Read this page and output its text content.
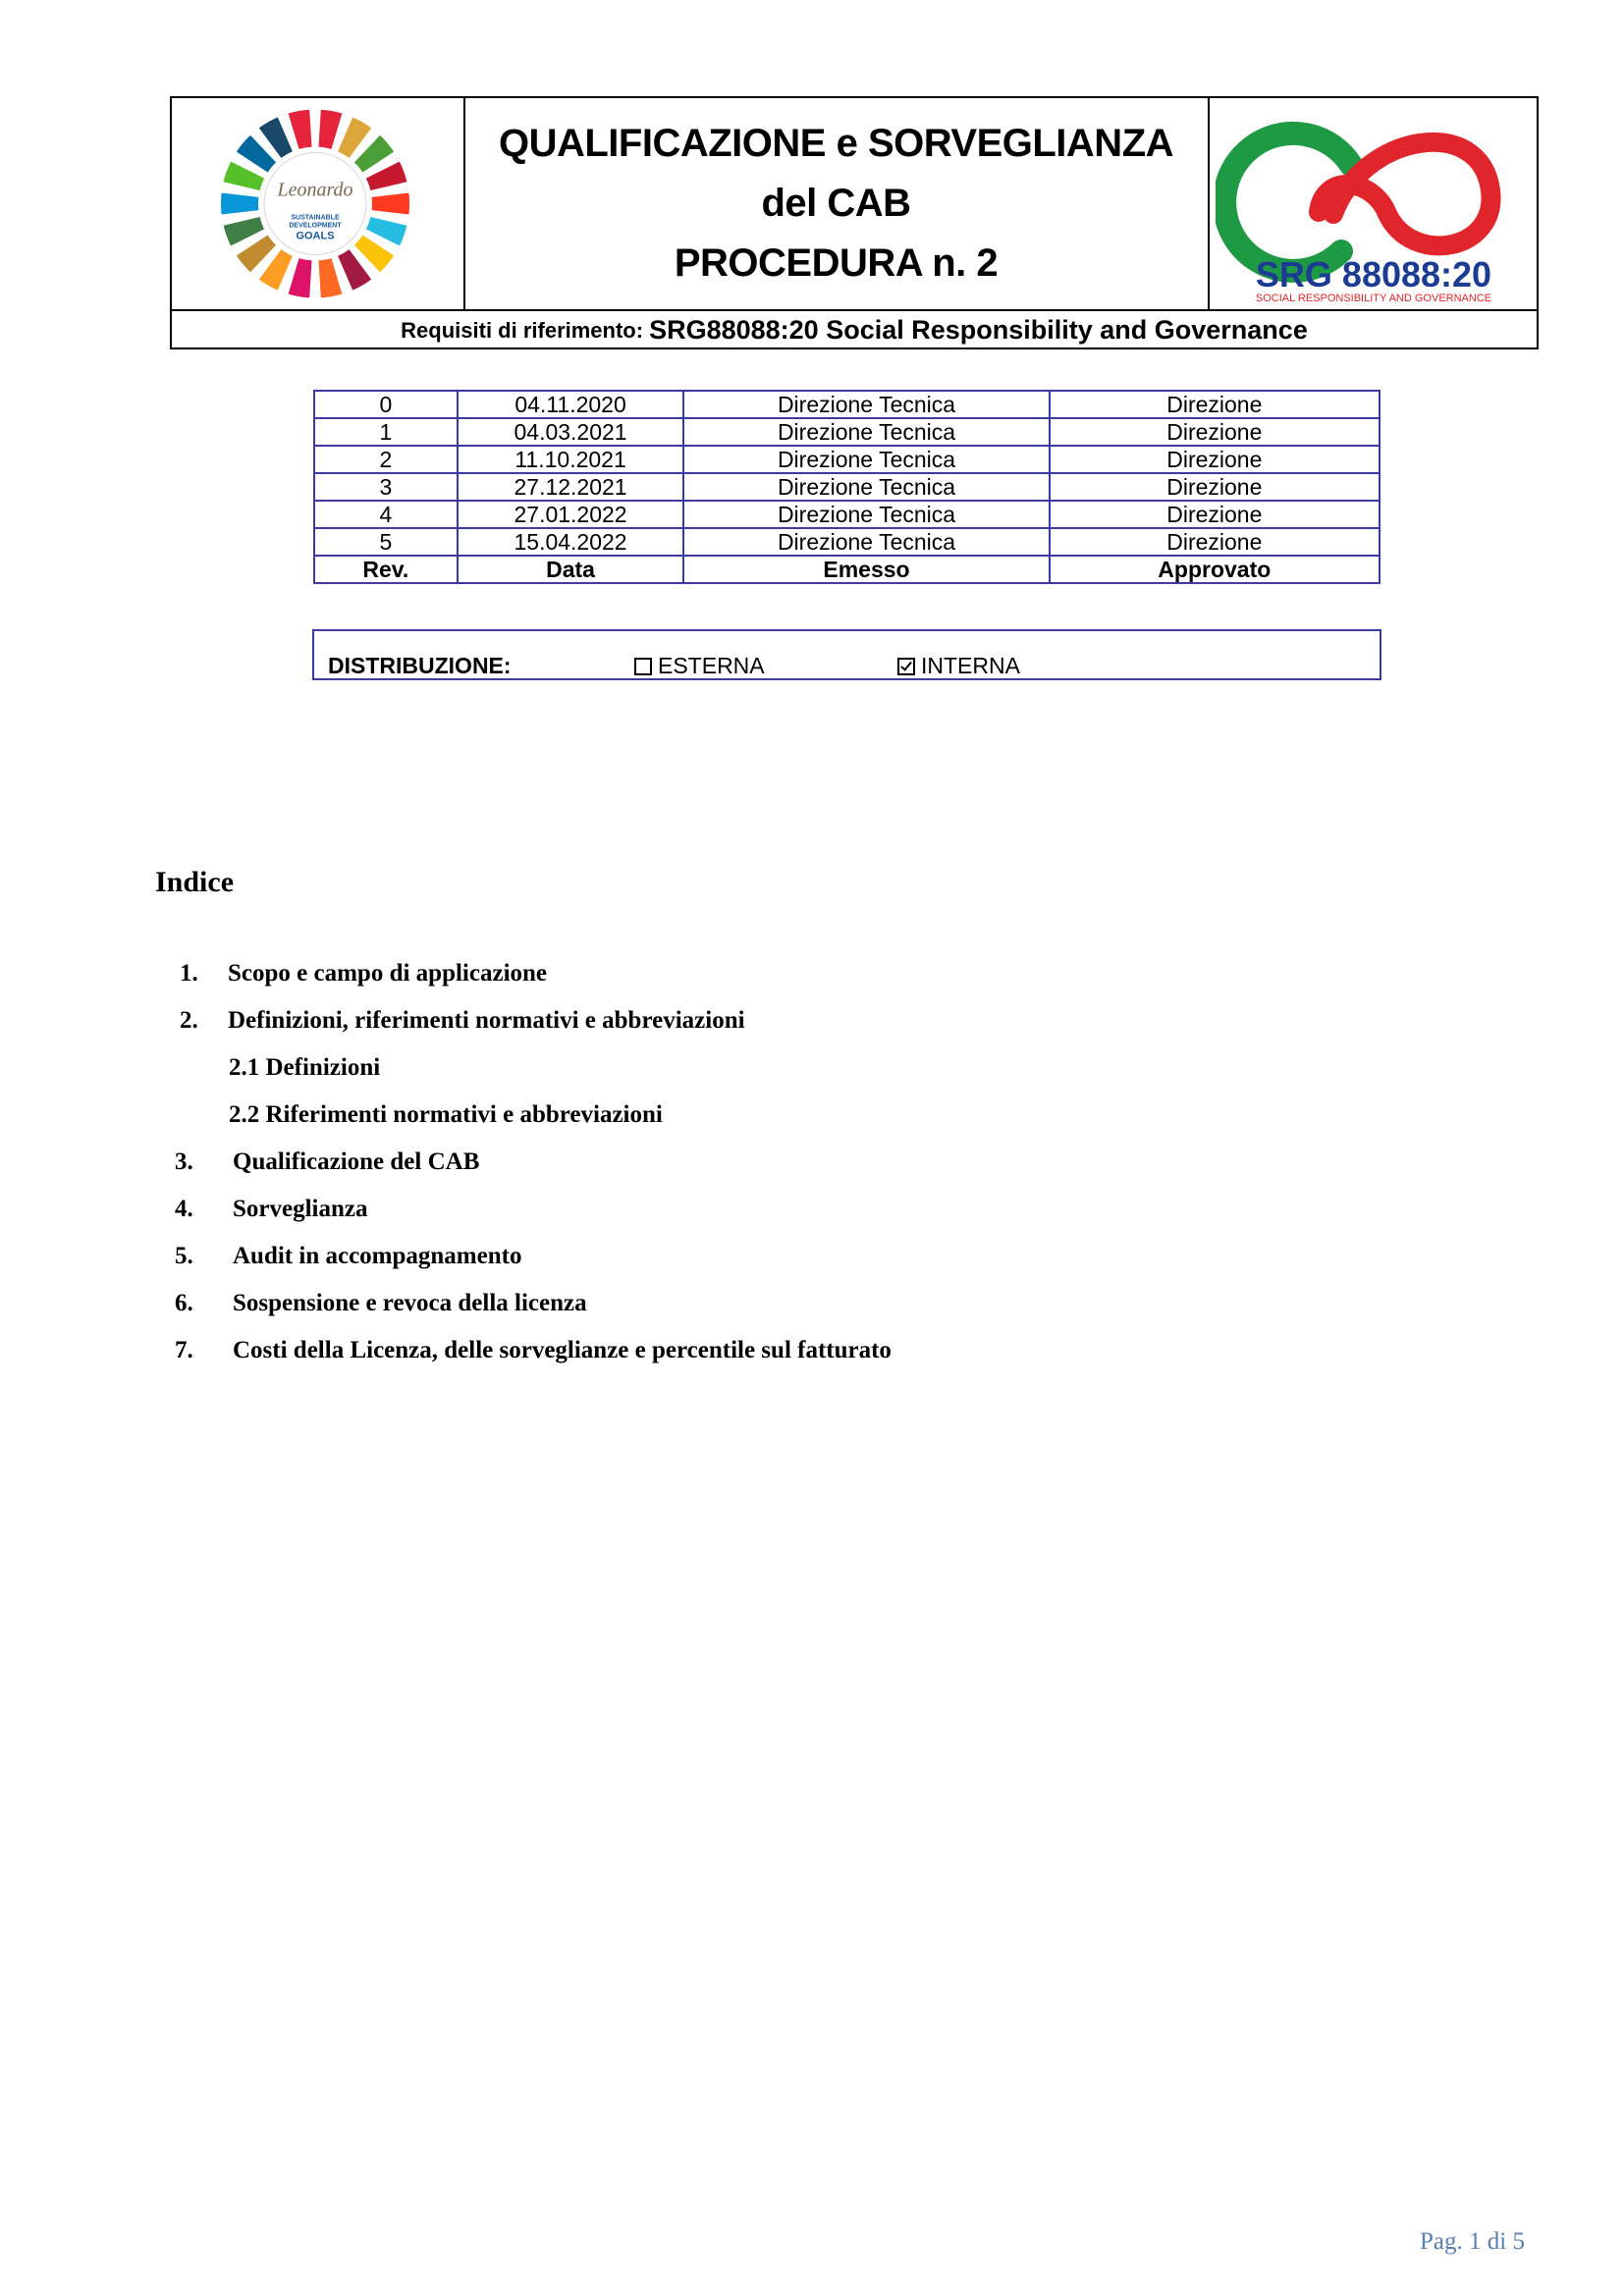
Leonardo
SUSTAINABLE
DEVELOPMENT
GOALS
QUALIFICAZIONE e SORVEGLIANZA
del CAB
PROCEDURA n. 2	SRG 88088:20
SOCIAL RESPONSIBILITY AND GOVERNANCE
Requisiti di riferimento: SRG88088:20 Social Responsibility and Governance
0	04.11.2020	Direzione Tecnica	Direzione
1	04.03.2021	Direzione Tecnica	Direzione
2	11.10.2021	Direzione Tecnica	Direzione
3	27.12.2021	Direzione Tecnica	Direzione
4	27.01.2022	Direzione Tecnica	Direzione
5	15.04.2022	Direzione Tecnica	Direzione
Rev.	Data	Emesso	Approvato
DISTRIBUZIONE:	ESTERNA	INTERNA
Indice
1. Scopo e campo di applicazione
2. Definizioni, riferimenti normativi e abbreviazioni
2.1 Definizioni
2.2 Riferimenti normativi e abbreviazioni
3. Qualificazione del CAB
4. Sorveglianza
5. Audit in accompagnamento
6. Sospensione e revoca della licenza
7. Costi della Licenza, delle sorveglianze e percentile sul fatturato
Pag. 1 di 5
